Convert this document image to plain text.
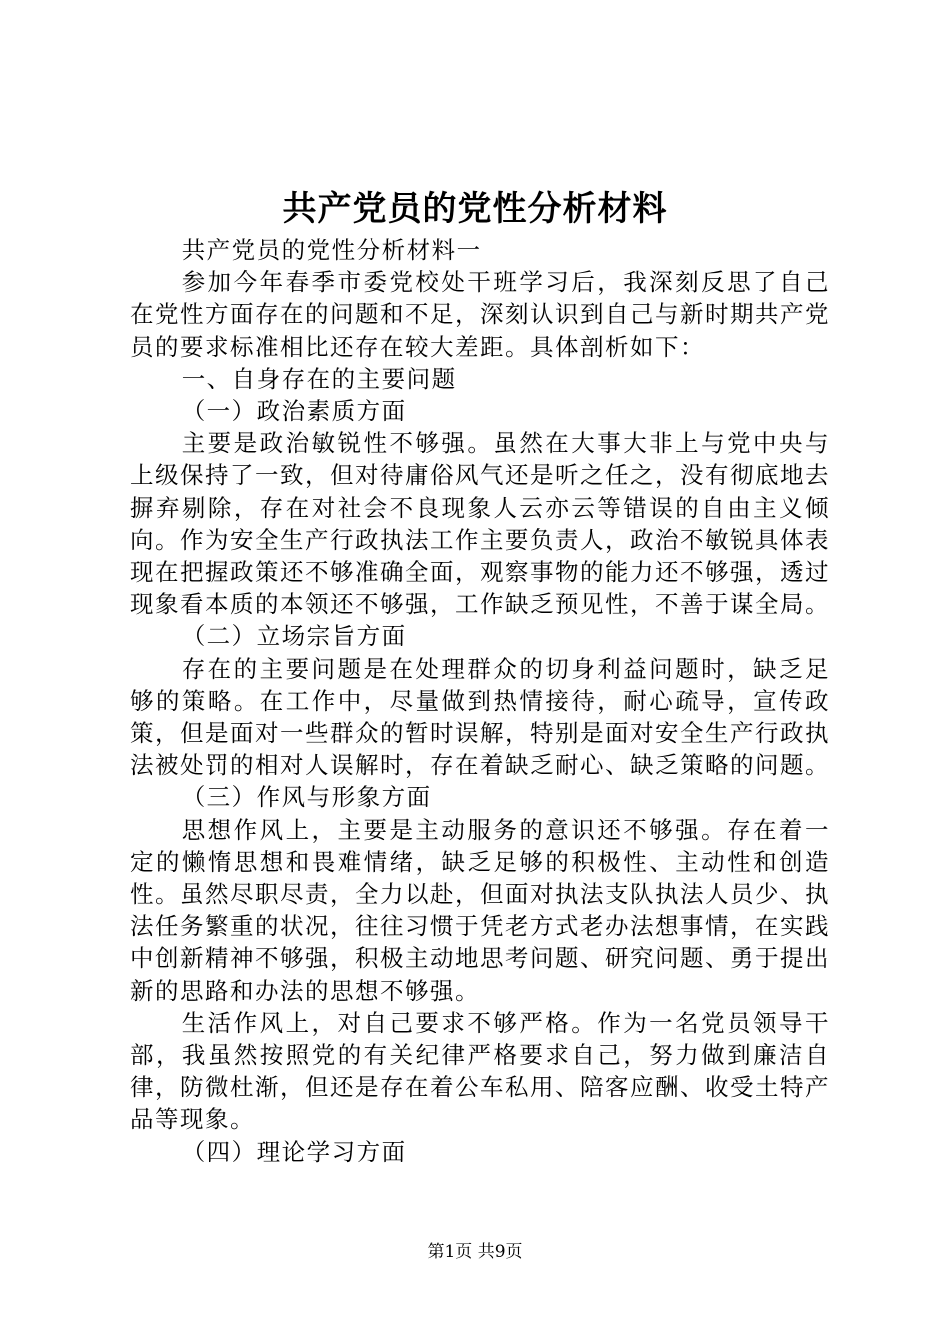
共产党员的党性分析材料

共产党员的党性分析材料一

参加今年春季市委党校处干班学习后，我深刻反思了自己在党性方面存在的问题和不足，深刻认识到自己与新时期共产党员的要求标准相比还存在较大差距。具体剖析如下：

一、自身存在的主要问题

（一）政治素质方面

主要是政治敏锐性不够强。虽然在大事大非上与党中央与上级保持了一致，但对待庸俗风气还是听之任之，没有彻底地去摒弃剔除，存在对社会不良现象人云亦云等错误的自由主义倾向。作为安全生产行政执法工作主要负责人，政治不敏锐具体表现在把握政策还不够准确全面，观察事物的能力还不够强，透过现象看本质的本领还不够强，工作缺乏预见性，不善于谋全局。

（二）立场宗旨方面

存在的主要问题是在处理群众的切身利益问题时，缺乏足够的策略。在工作中，尽量做到热情接待，耐心疏导，宣传政策，但是面对一些群众的暂时误解，特别是面对安全生产行政执法被处罚的相对人误解时，存在着缺乏耐心、缺乏策略的问题。

（三）作风与形象方面

思想作风上，主要是主动服务的意识还不够强。存在着一定的懒惰思想和畏难情绪，缺乏足够的积极性、主动性和创造性。虽然尽职尽责，全力以赴，但面对执法支队执法人员少、执法任务繁重的状况，往往习惯于凭老方式老办法想事情，在实践中创新精神不够强，积极主动地思考问题、研究问题、勇于提出新的思路和办法的思想不够强。

生活作风上，对自己要求不够严格。作为一名党员领导干部，我虽然按照党的有关纪律严格要求自己，努力做到廉洁自律，防微杜渐，但还是存在着公车私用、陪客应酬、收受土特产品等现象。

（四）理论学习方面

第1页 共9页
